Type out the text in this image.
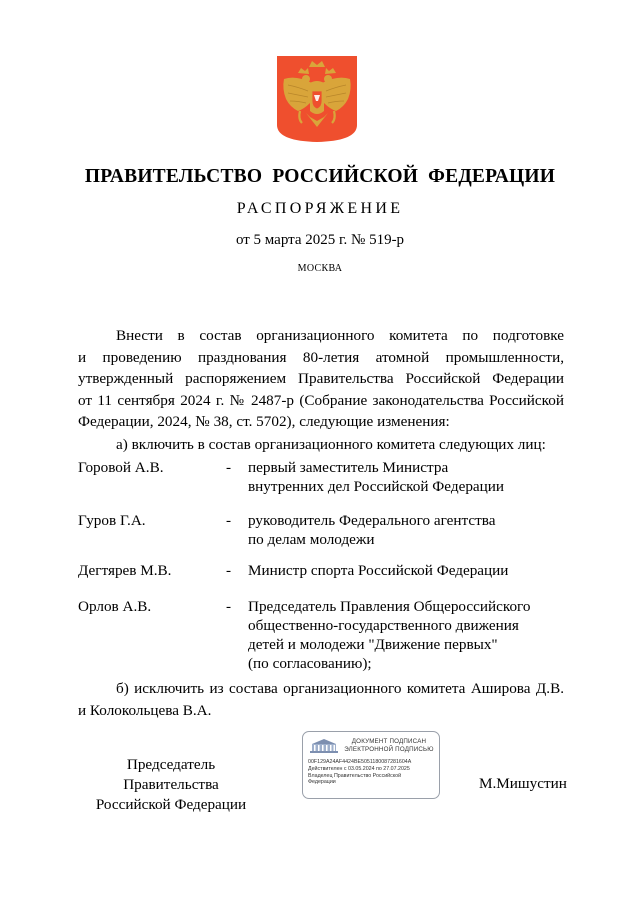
ПРАВИТЕЛЬСТВО РОССИЙСКОЙ ФЕДЕРАЦИИ
РАСПОРЯЖЕНИЕ
от 5 марта 2025 г. № 519-р
МОСКВА
Внести в состав организационного комитета по подготовке
и проведению празднования 80-летия атомной промышленности,
утвержденный распоряжением Правительства Российской Федерации
от 11 сентября 2024 г. № 2487-р (Собрание законодательства Российской
Федерации, 2024, № 38, ст. 5702), следующие изменения:
а) включить в состав организационного комитета следующих лиц:
Горовой А.В.	- первый заместитель Министра
внутренних дел Российской Федерации
Гуров Г.А.	- руководитель Федерального агентства
по делам молодежи
Дегтярев М.В.	- Министр спорта Российской Федерации
Орлов А.В.	- Председатель Правления Общероссийского
общественно-государственного движения
детей и молодежи "Движение первых"
(по согласованию);
б) исключить из состава организационного комитета Аширова Д.В.
и Колокольцева В.А.
Председатель Правительства
Российской Федерации
ДОКУМЕНТ ПОДПИСАН
ЭЛЕКТРОННОЙ ПОДПИСЬЮ
00F129A24AF4424BE5051180087281604A
Действителен с 03.05.2024 по 27.07.2025
Владелец Правительство Российской
Федерации	М.Мишустин
